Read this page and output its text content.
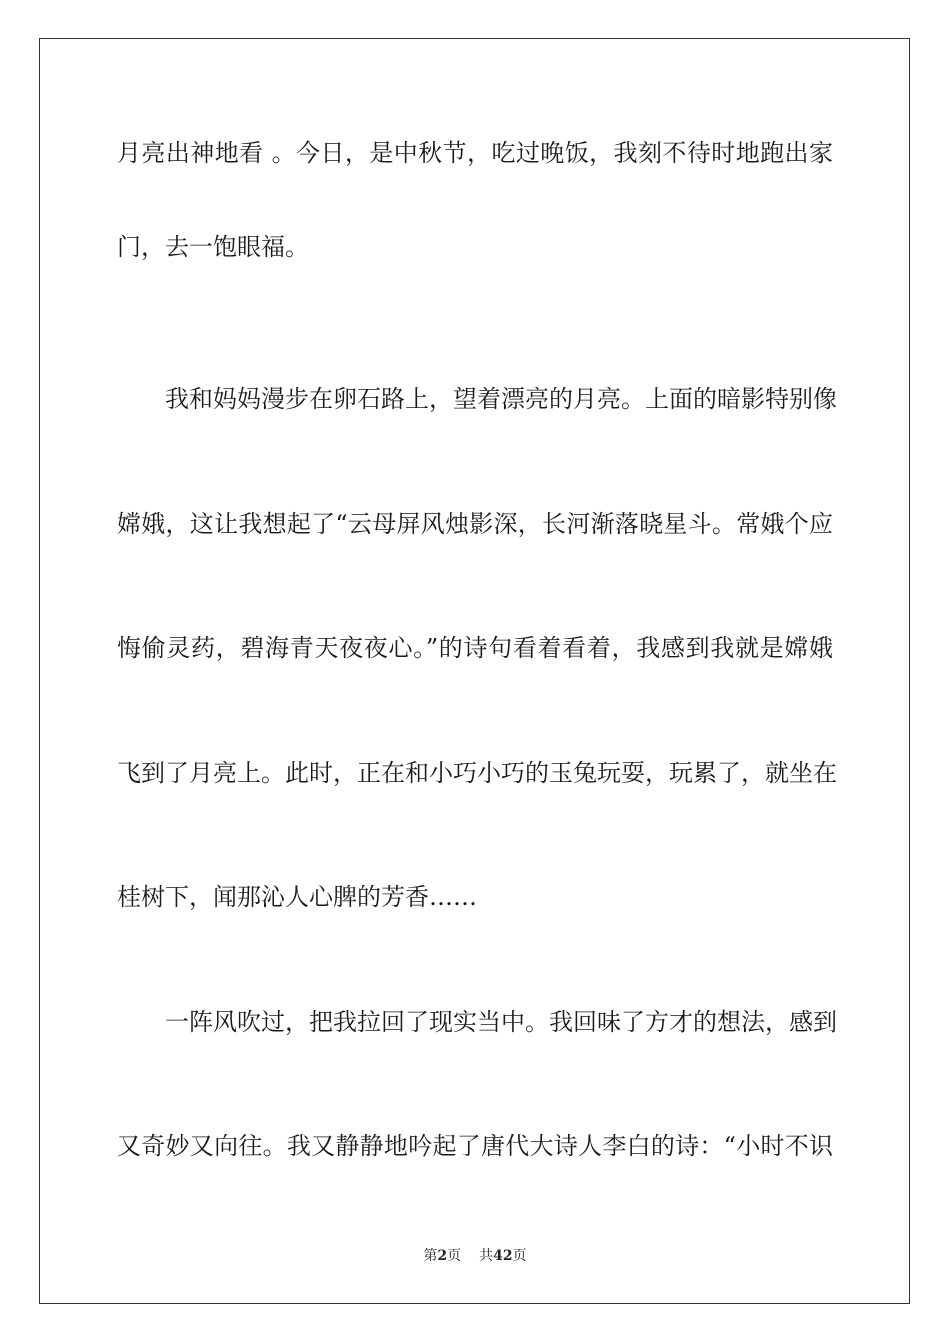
月亮出神地看 。今日，是中秋节，吃过晚饭，我刻不待时地跑出家
门，去一饱眼福。
我和妈妈漫步在卵石路上，望着漂亮的月亮。上面的暗影特别像
嫦娥，这让我想起了“云母屏风烛影深，长河渐落晓星斗。常娥个应
悔偷灵药，碧海青天夜夜心。”的诗句看着看着，我感到我就是嫦娥
飞到了月亮上。此时，正在和小巧小巧的玉兔玩耍，玩累了，就坐在
桂树下，闻那沁人心脾的芳香……
一阵风吹过，把我拉回了现实当中。我回味了方才的想法，感到
又奇妙又向往。我又静静地吟起了唐代大诗人李白的诗：“小时不识
第2页 共42页
